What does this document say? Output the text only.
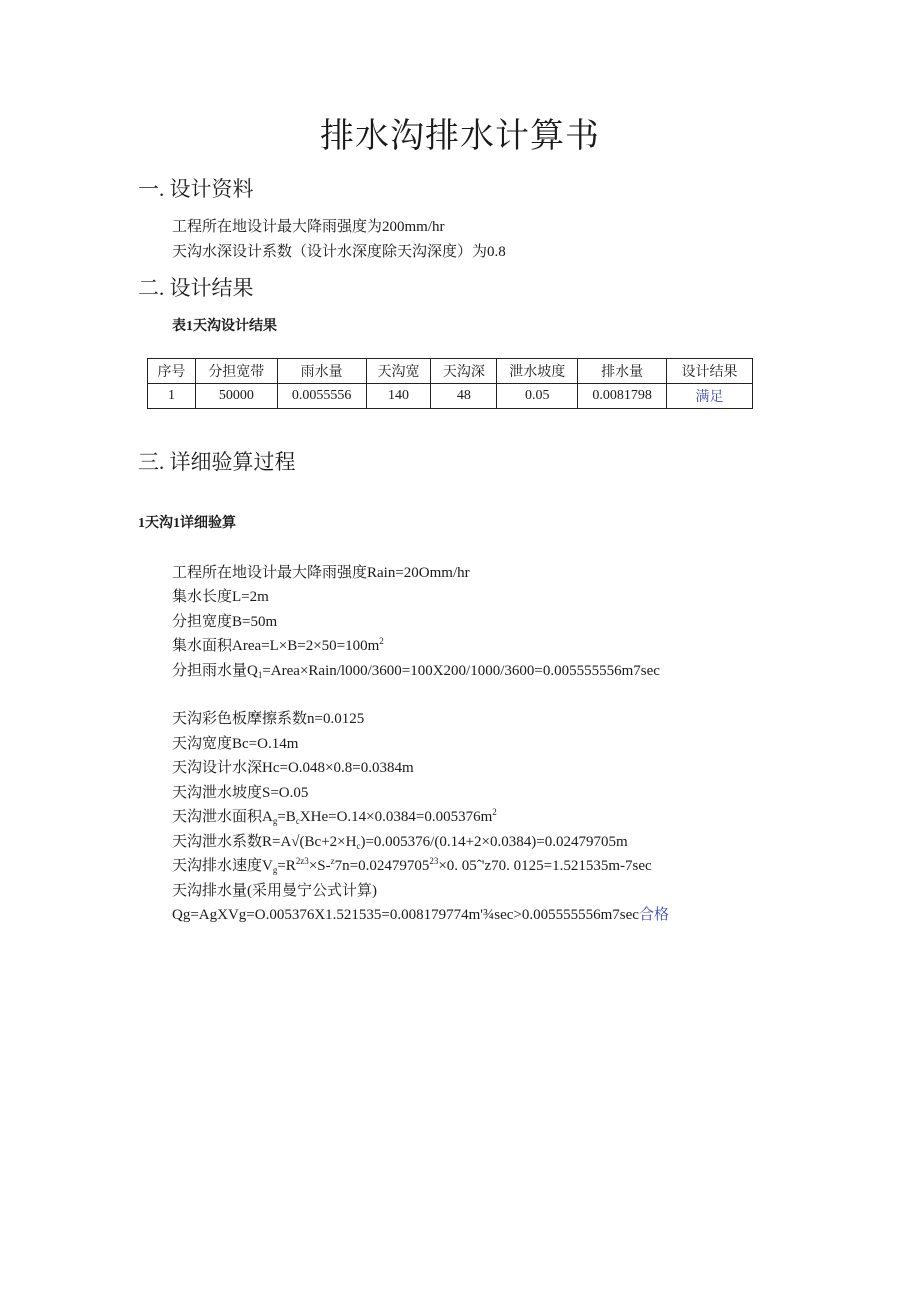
排水沟排水计算书
一. 设计资料
工程所在地设计最大降雨强度为200mm/hr
天沟水深设计系数（设计水深度除天沟深度）为0.8
二. 设计结果
表1天沟设计结果
序号	分担宽带	雨水量	天沟宽	天沟深	泄水坡度	排水量	设计结果
1	50000	0.0055556	140	48	0.05	0.0081798	满足
三. 详细验算过程
1天沟1详细验算
工程所在地设计最大降雨强度Rain=20Omm/hr
集水长度L=2m
分担宽度B=50m
集水面积$Area=L\times B=2\times 50=100m^2$
分担雨水量$Q_1=Area\times Rain/l000/3600=100X200/1000/3600=0.005555556m7\sec$
天沟彩色板摩擦系数n=0.0125
天沟宽度Bc=O.14m
天沟设计水深Hc=O.048×0.8=0.0384m
天沟泄水坡度S=O.05
天沟泄水面积$A_g=B_cXHe=O.14\times 0.0384=0.005376m^2$
天沟泄水系数$R=A√(Bc+2\times H_c)=0.005376/(0.14+2\times 0.0384)=0.02479705m$
天沟排水速度$V_g=R^{2z3}\times S-^z7n=0.02479705^{23}\times 0$. 05ˆ'z70. 0125=1.521535m-7sec
天沟排水量(采用曼宁公式计算)
Qg=AgXVg=O.005376X1.521535=0.008179774m'¾sec>0.005555556m7sec合格
